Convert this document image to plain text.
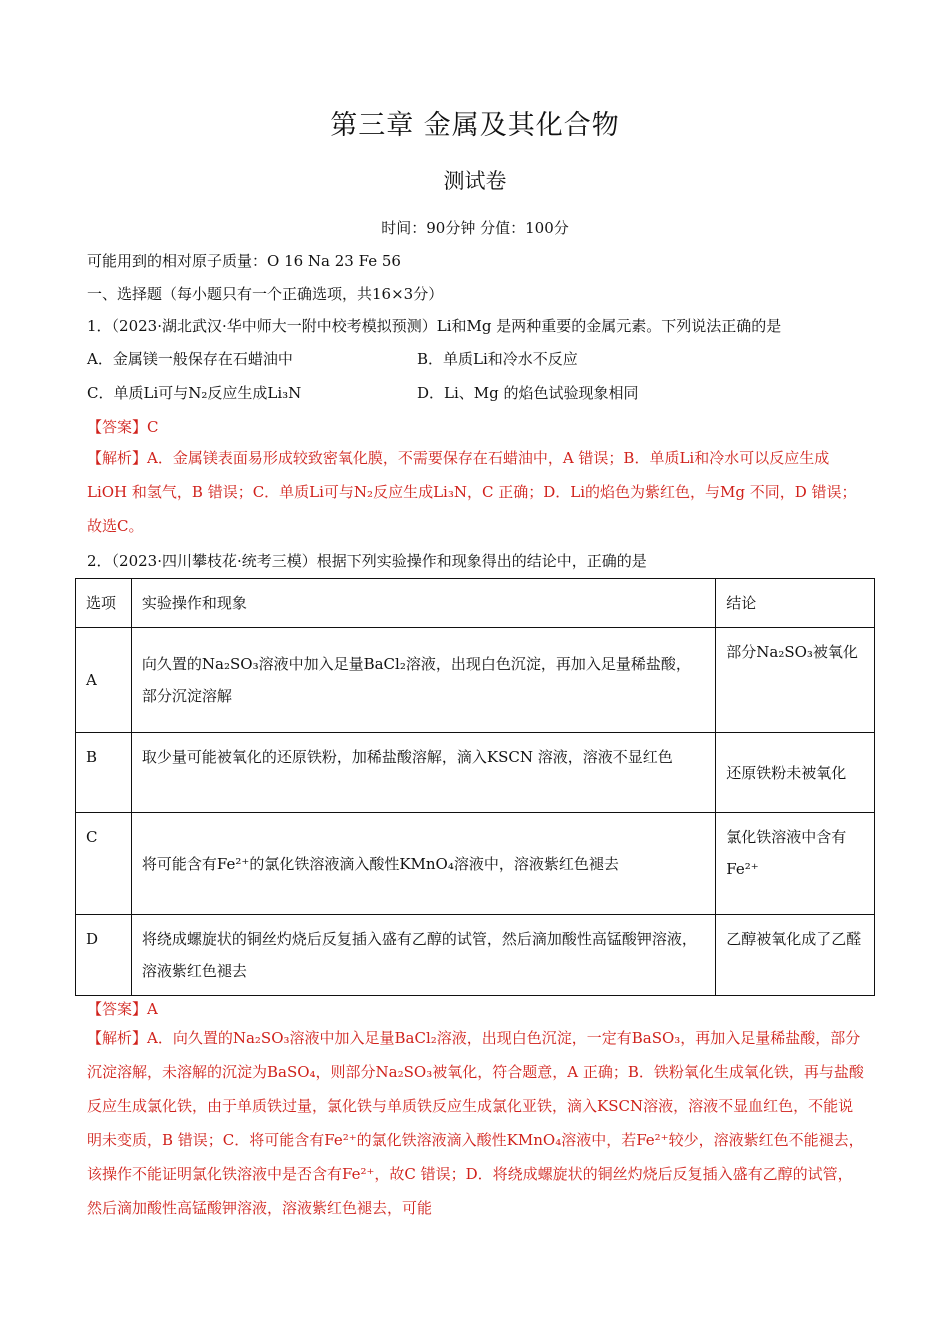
第三章 金属及其化合物
测试卷
时间：90分钟 分值：100分
可能用到的相对原子质量：O 16 Na 23 Fe 56
一、选择题（每小题只有一个正确选项，共16×3分）
1．（2023·湖北武汉·华中师大一附中校考模拟预测）Li和Mg 是两种重要的金属元素。下列说法正确的是
A．金属镁一般保存在石蜡油中	B．单质Li和冷水不反应
C．单质Li可与N₂反应生成Li₃N	D．Li、Mg 的焰色试验现象相同
【答案】C
【解析】A．金属镁表面易形成较致密氧化膜，不需要保存在石蜡油中，A 错误；B．单质Li和冷水可以反应生成LiOH 和氢气，B 错误；C．单质Li可与N₂反应生成Li₃N，C 正确；D．Li的焰色为紫红色，与Mg 不同，D 错误；故选C。
2．（2023·四川攀枝花·统考三模）根据下列实验操作和现象得出的结论中，正确的是
选项	实验操作和现象	结论

A	向久置的Na₂SO₃溶液中加入足量BaCl₂溶液，出现白色沉淀，再加入足量稀盐酸，部分沉淀溶解	部分Na₂SO₃被氧化

B	取少量可能被氧化的还原铁粉，加稀盐酸溶解，滴入KSCN 溶液，溶液不显红色	还原铁粉未被氧化

C	将可能含有Fe²⁺的氯化铁溶液滴入酸性KMnO₄溶液中，溶液紫红色褪去	氯化铁溶液中含有Fe²⁺

D	将绕成螺旋状的铜丝灼烧后反复插入盛有乙醇的试管，然后滴加酸性高锰酸钾溶液，溶液紫红色褪去	乙醇被氧化成了乙醛
【答案】A
【解析】A．向久置的Na₂SO₃溶液中加入足量BaCl₂溶液，出现白色沉淀，一定有BaSO₃，再加入足量稀盐酸，部分沉淀溶解，未溶解的沉淀为BaSO₄，则部分Na₂SO₃被氧化，符合题意，A 正确；B．铁粉氧化生成氧化铁，再与盐酸反应生成氯化铁，由于单质铁过量，氯化铁与单质铁反应生成氯化亚铁，滴入KSCN溶液，溶液不显血红色，不能说明未变质，B 错误；C．将可能含有Fe²⁺的氯化铁溶液滴入酸性KMnO₄溶液中，若Fe²⁺较少，溶液紫红色不能褪去，该操作不能证明氯化铁溶液中是否含有Fe²⁺，故C 错误；D．将绕成螺旋状的铜丝灼烧后反复插入盛有乙醇的试管，然后滴加酸性高锰酸钾溶液，溶液紫红色褪去，可能
